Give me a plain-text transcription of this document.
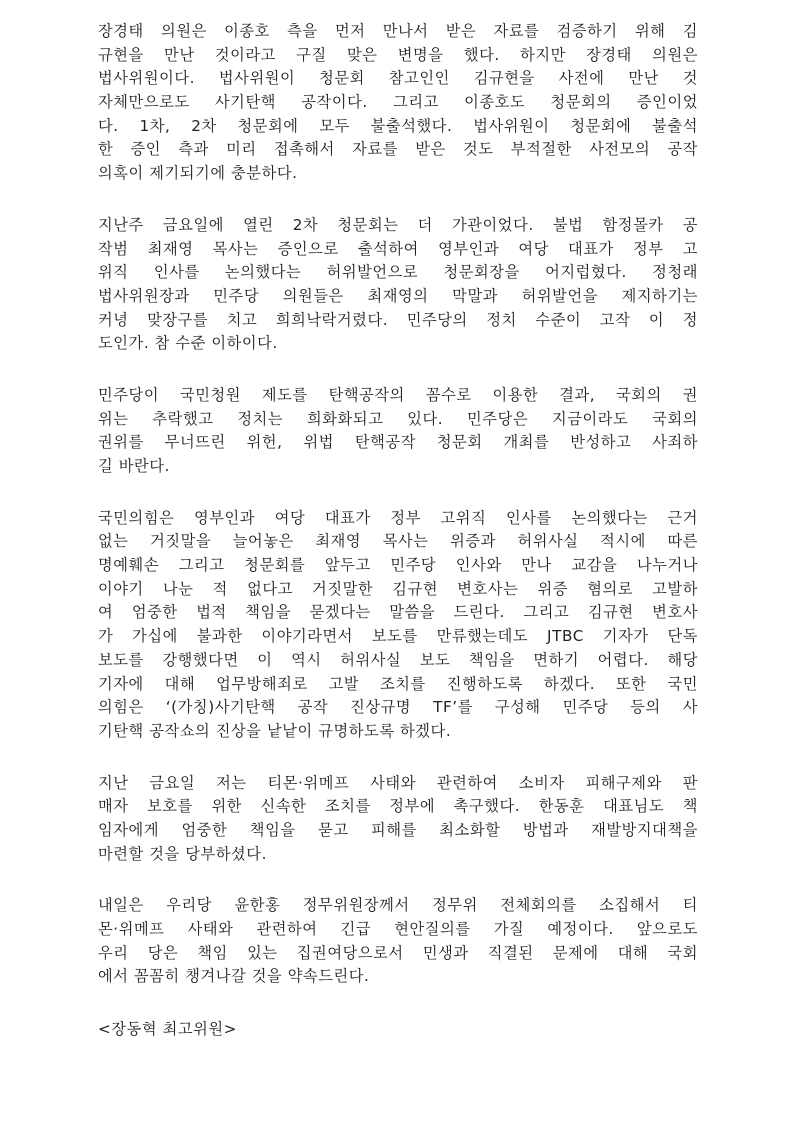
장경태 의원은 이종호 측을 먼저 만나서 받은 자료를 검증하기 위해 김
규현을 만난 것이라고 구질 맞은 변명을 했다. 하지만 장경태 의원은
법사위원이다. 법사위원이 청문회 참고인인 김규현을 사전에 만난 것
자체만으로도 사기탄핵 공작이다. 그리고 이종호도 청문회의 증인이었
다. 1차, 2차 청문회에 모두 불출석했다. 법사위원이 청문회에 불출석
한 증인 측과 미리 접촉해서 자료를 받은 것도 부적절한 사전모의 공작
의혹이 제기되기에 충분하다.
지난주 금요일에 열린 2차 청문회는 더 가관이었다. 불법 함정몰카 공
작범 최재영 목사는 증인으로 출석하여 영부인과 여당 대표가 정부 고
위직 인사를 논의했다는 허위발언으로 청문회장을 어지럽혔다. 정청래
법사위원장과 민주당 의원들은 최재영의 막말과 허위발언을 제지하기는
커녕 맞장구를 치고 희희낙락거렸다. 민주당의 정치 수준이 고작 이 정
도인가. 참 수준 이하이다.
민주당이 국민청원 제도를 탄핵공작의 꼼수로 이용한 결과, 국회의 권
위는 추락했고 정치는 희화화되고 있다. 민주당은 지금이라도 국회의
권위를 무너뜨린 위헌, 위법 탄핵공작 청문회 개최를 반성하고 사죄하
길 바란다.
국민의힘은 영부인과 여당 대표가 정부 고위직 인사를 논의했다는 근거
없는 거짓말을 늘어놓은 최재영 목사는 위증과 허위사실 적시에 따른
명예훼손 그리고 청문회를 앞두고 민주당 인사와 만나 교감을 나누거나
이야기 나눈 적 없다고 거짓말한 김규현 변호사는 위증 혐의로 고발하
여 엄중한 법적 책임을 묻겠다는 말씀을 드린다. 그리고 김규현 변호사
가 가십에 불과한 이야기라면서 보도를 만류했는데도 JTBC 기자가 단독
보도를 강행했다면 이 역시 허위사실 보도 책임을 면하기 어렵다. 해당
기자에 대해 업무방해죄로 고발 조치를 진행하도록 하겠다. 또한 국민
의힘은 ‘(가칭)사기탄핵 공작 진상규명 TF’를 구성해 민주당 등의 사
기탄핵 공작쇼의 진상을 낱낱이 규명하도록 하겠다.
지난 금요일 저는 티몬·위메프 사태와 관련하여 소비자 피해구제와 판
매자 보호를 위한 신속한 조치를 정부에 촉구했다. 한동훈 대표님도 책
임자에게 엄중한 책임을 묻고 피해를 최소화할 방법과 재발방지대책을
마련할 것을 당부하셨다.
내일은 우리당 윤한홍 정무위원장께서 정무위 전체회의를 소집해서 티
몬·위메프 사태와 관련하여 긴급 현안질의를 가질 예정이다. 앞으로도
우리 당은 책임 있는 집권여당으로서 민생과 직결된 문제에 대해 국회
에서 꼼꼼히 챙겨나갈 것을 약속드린다.
<장동혁 최고위원>
